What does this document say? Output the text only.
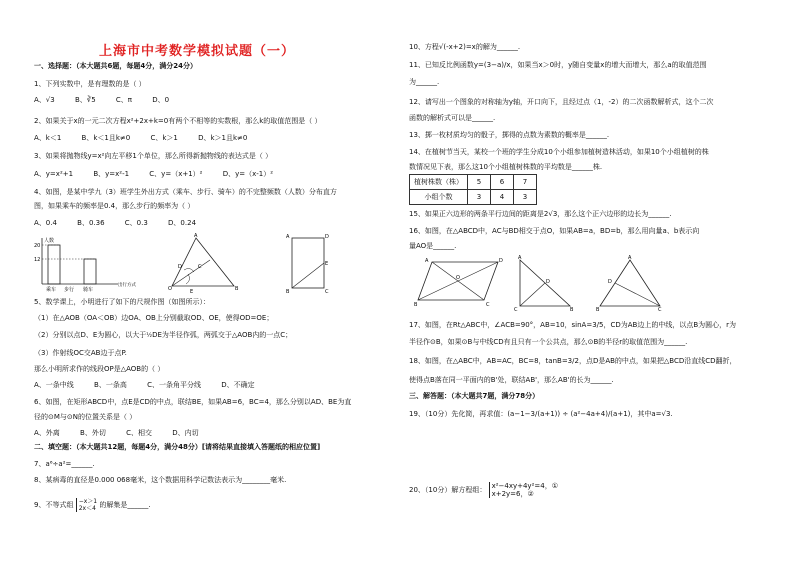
上海市中考数学模拟试题（一）
一、选择题：（本大题共6题，每题4分，满分24分）
1、下列实数中，是有理数的是（ ）
A、√3	B、∛5	C、π	D、0
2、如果关于x的一元二次方程x²+2x+k=0有两个不相等的实数根，那么k的取值范围是（ ）
A、k＜1	B、k＜1且k≠0	C、k＞1	D、k＞1且k≠0
3、如果将抛物线y=x²向左平移1个单位，那么所得新抛物线的表达式是（ ）
A、y=x²+1	B、y=x²-1	C、y=（x+1）²	D、y=（x-1）²
4、如图，是某中学九（3）班学生外出方式（乘车、步行、骑车）的不完整频数（人数）分布直方
图，如果乘车的频率是0.4，那么步行的频率为（ ）
A、0.4	B、0.36	C、0.3	D、0.24
人数
20
12
乘车 步行 骑车
出行方式
A
B
C
D
E
O
A
B	C
D
E
5、数学课上，小明进行了如下的尺规作图（如图所示）：
（1）在△AOB（OA＜OB）边OA、OB上分别截取OD、OE，使得OD=OE；
（2）分别以点D、E为圆心，以大于½DE为半径作弧，两弧交于△AOB内的一点C；
（3）作射线OC交AB边于点P.
那么小明所求作的线段OP是△AOB的（ ）
A、一条中线	B、一条高	C、一条角平分线	D、不确定
6、如图，在矩形ABCD中，点E是CD的中点，联结BE，如果AB=6，BC=4，那么分别以AD、BE为直
径的⊙M与⊙N的位置关系是（ ）
A、外离	B、外切	C、相交	D、内切
二、填空题：（本大题共12题，每题4分，满分48分）[请将结果直接填入答题纸的相应位置]
7、a⁶÷a²=______.
8、某病毒的直径是0.000 068毫米，这个数据用科学记数法表示为________毫米.
9、不等式组 −x＞1
2x＜4 的解集是______.
10、方程√(-x+2)=x的解为______.
11、已知反比例函数y=(3−a)/x，如果当x＞0时，y随自变量x的增大而增大，那么a的取值范围
为______.
12、请写出一个图象的对称轴为y轴，开口向下，且经过点（1，-2）的二次函数解析式，这个二次
函数的解析式可以是______.
13、掷一枚材质均匀的骰子，掷得的点数为素数的概率是______.
14、在植树节当天，某校一个班的学生分成10个小组参加植树造林活动，如果10个小组植树的株
数情况见下表，那么这10个小组植树株数的平均数是______株.
植树株数（株）	5	6	7
小组个数	3	4	3
15、如果正六边形的两条平行边间的距离是2√3，那么这个正六边形的边长为______.
16、如图，在△ABCD中，AC与BD相交于点O，如果AB=a，BD=b，那么用向量a、b表示向
量AO是______.
A
B	C
D
O
A
C	B
D
A
B	C
D
17、如图，在Rt△ABC中，∠ACB=90°，AB=10，sinA=3/5，CD为AB边上的中线，以点B为圆心，r为
半径作⊙B，如果⊙B与中线CD有且只有一个公共点，那么⊙B的半径r的取值范围为______.
18、如图，在△ABC中，AB=AC，BC=8，tanB=3/2，点D是AB的中点，如果把△BCD沿直线CD翻折，
使得点B落在同一平面内的B'处，联结AB'，那么AB'的长为______.
三、解答题：（本大题共7题，满分78分）
19、（10分）先化简，再求值：(a−1−3/(a+1)) ÷ (a²−4a+4)/(a+1)，其中a=√3.
20、（10分）解方程组： x²−4xy+4y²=4，①
x+2y=6，②
